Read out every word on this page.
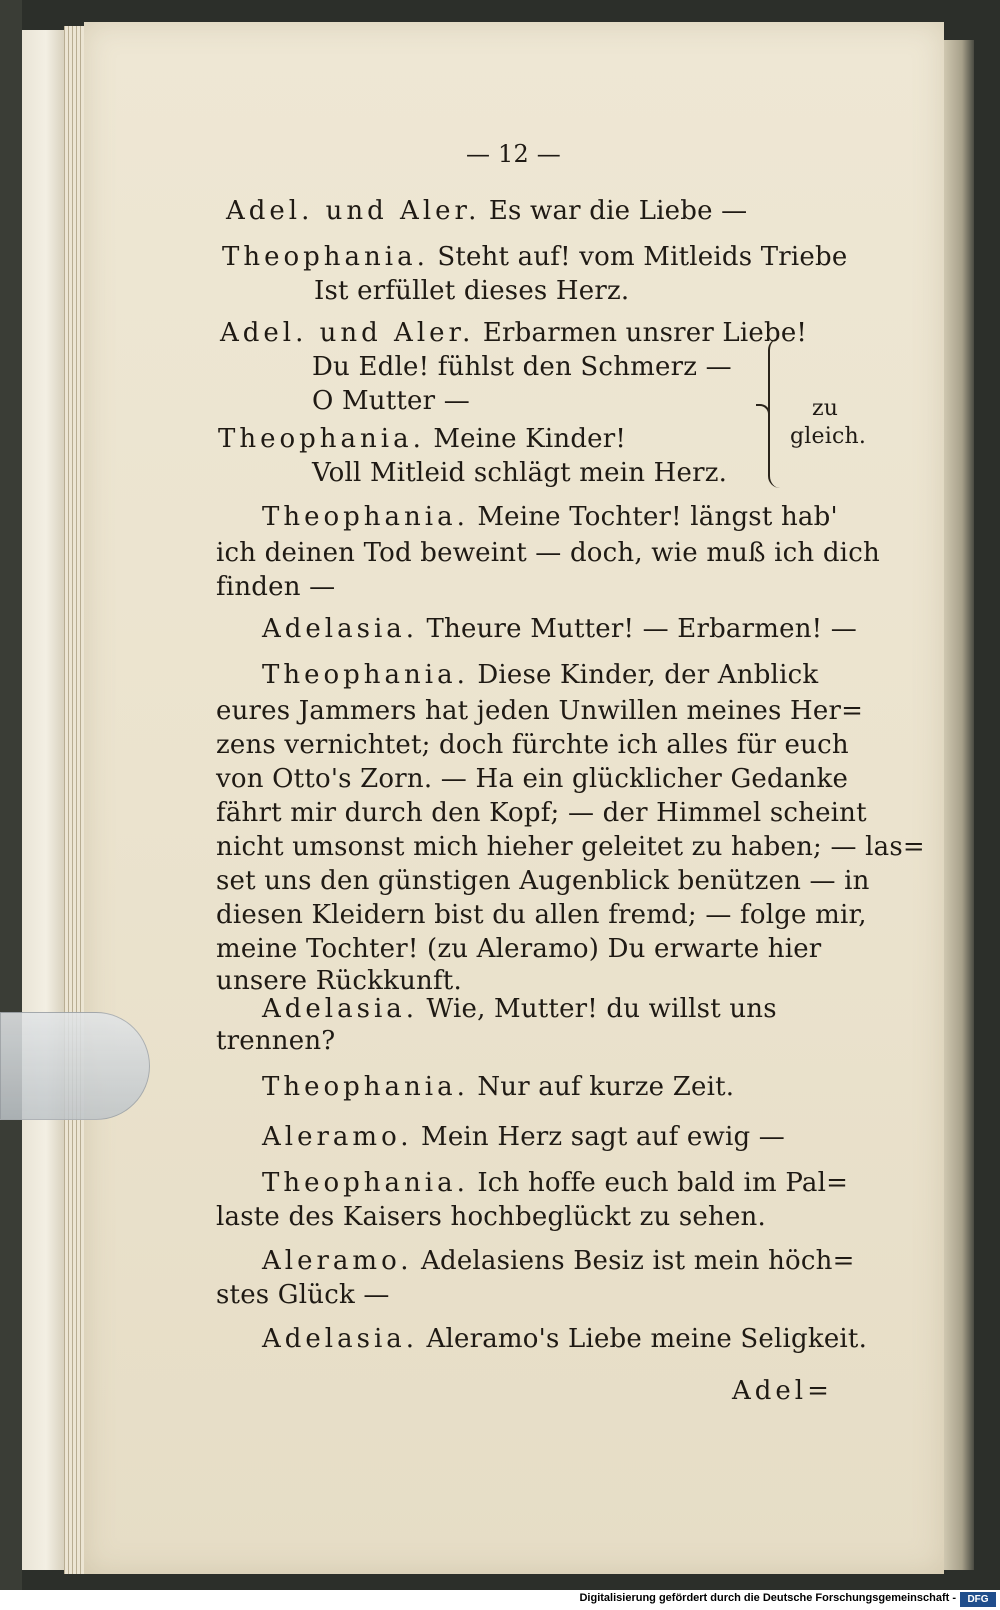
— 12 —
Adel. und Aler. Es war die Liebe —
Theophania. Steht auf! vom Mitleids Triebe
Ist erfüllet dieses Herz.
Adel. und Aler. Erbarmen unsrer Liebe!
Du Edle! fühlst den Schmerz —
O Mutter —
Theophania. Meine Kinder!
Voll Mitleid schlägt mein Herz.
zu
gleich.
Theophania. Meine Tochter! längst hab'
ich deinen Tod beweint — doch, wie muß ich dich
finden —
Adelasia. Theure Mutter! — Erbarmen! —
Theophania. Diese Kinder, der Anblick
eures Jammers hat jeden Unwillen meines Her=
zens vernichtet; doch fürchte ich alles für euch
von Otto's Zorn. — Ha ein glücklicher Gedanke
fährt mir durch den Kopf; — der Himmel scheint
nicht umsonst mich hieher geleitet zu haben; — las=
set uns den günstigen Augenblick benützen — in
diesen Kleidern bist du allen fremd; — folge mir,
meine Tochter! (zu Aleramo) Du erwarte hier
unsere Rückkunft.
Adelasia. Wie, Mutter! du willst uns
trennen?
Theophania. Nur auf kurze Zeit.
Aleramo. Mein Herz sagt auf ewig —
Theophania. Ich hoffe euch bald im Pal=
laste des Kaisers hochbeglückt zu sehen.
Aleramo. Adelasiens Besiz ist mein höch=
stes Glück —
Adelasia. Aleramo's Liebe meine Seligkeit.
Adel=
Digitalisierung gefördert durch die Deutsche Forschungsgemeinschaft -	DFG
